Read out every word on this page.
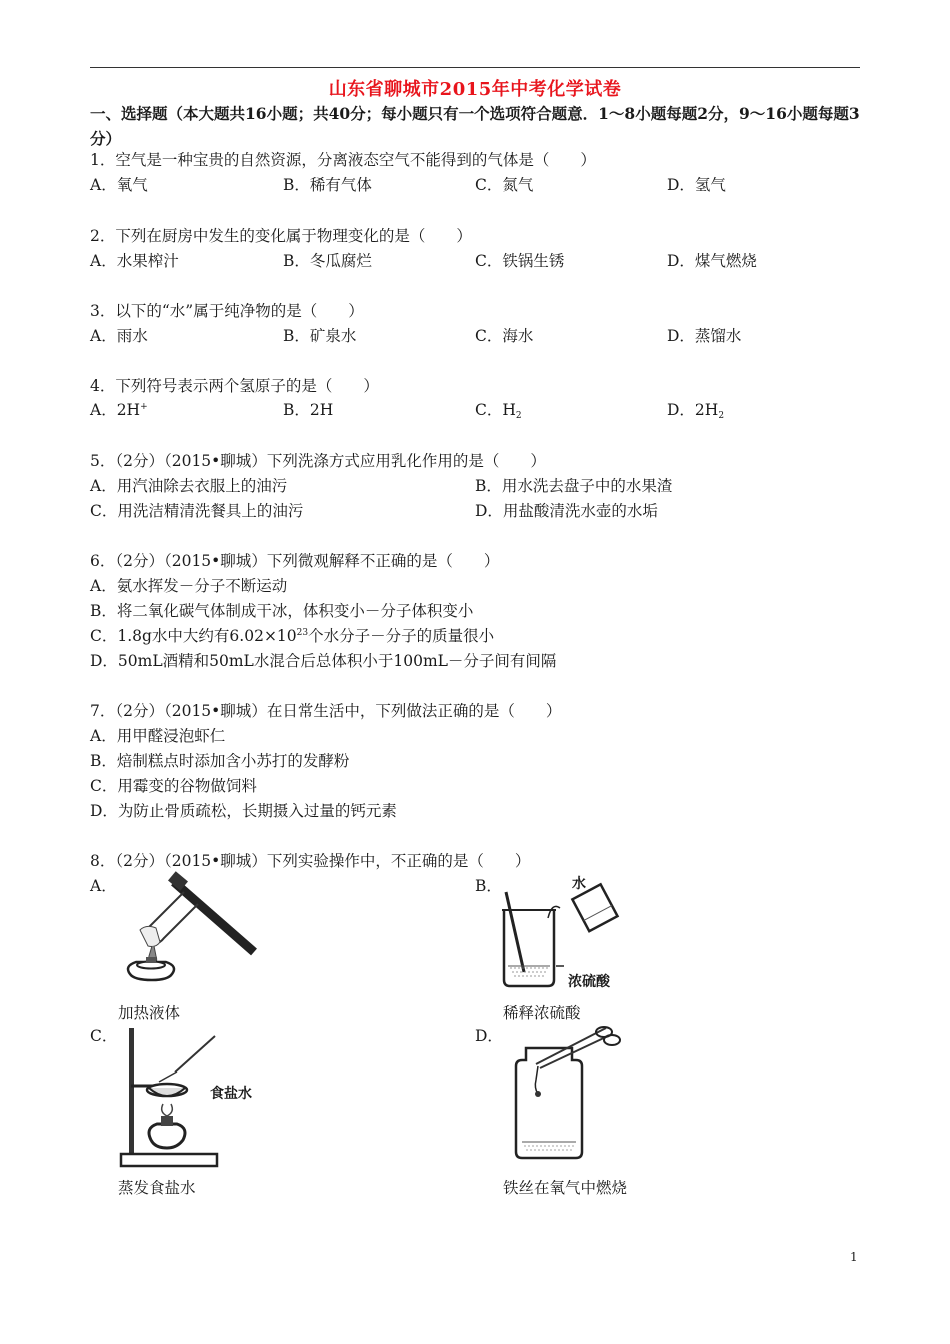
山东省聊城市2015年中考化学试卷
一、选择题（本大题共16小题；共40分；每小题只有一个选项符合题意．1～8小题每题2分，9～16小题每题3分）
1．空气是一种宝贵的自然资源，分离液态空气不能得到的气体是（　　）
A．氧气	B．稀有气体	C．氮气	D．氢气
2．下列在厨房中发生的变化属于物理变化的是（　　）
A．水果榨汁	B．冬瓜腐烂	C．铁锅生锈	D．煤气燃烧
3．以下的“水”属于纯净物的是（　　）
A．雨水	B．矿泉水	C．海水	D．蒸馏水
4．下列符号表示两个氢原子的是（　　）
A．2H+	B．2H	C．$H_2$	D．$2H_2$
5．（2分）（2015•聊城）下列洗涤方式应用乳化作用的是（　　）
A．用汽油除去衣服上的油污	B．用水洗去盘子中的水果渣
C．用洗洁精清洗餐具上的油污	D．用盐酸清洗水壶的水垢
6．（2分）（2015•聊城）下列微观解释不正确的是（　　）
A．氨水挥发－分子不断运动
B．将二氧化碳气体制成干冰，体积变小－分子体积变小
C．1.8g水中大约有$6.02\times 10^{23}$个水分子－分子的质量很小
D．50mL酒精和50mL水混合后总体积小于100mL－分子间有间隔
7．（2分）（2015•聊城）在日常生活中，下列做法正确的是（　　）
A．用甲醛浸泡虾仁
B．焙制糕点时添加含小苏打的发酵粉
C．用霉变的谷物做饲料
D．为防止骨质疏松，长期摄入过量的钙元素
8．（2分）（2015•聊城）下列实验操作中，不正确的是（　　）
A．	B．
加热液体
水
浓硫酸
稀释浓硫酸
C．	D．
食盐水
蒸发食盐水	铁丝在氧气中燃烧
1
